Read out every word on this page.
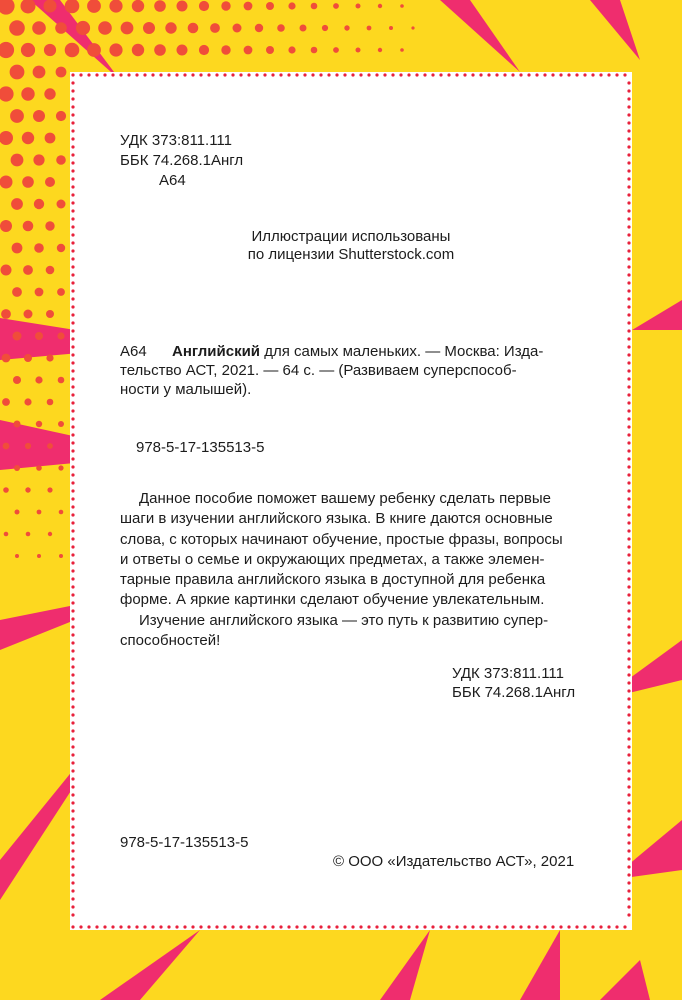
УДК 373:811.111
ББК 74.268.1Англ
А64
Иллюстрации использованы
по лицензии Shutterstock.com
А64 Английский для самых маленьких. — Москва: Изда-
тельство АСТ, 2021. — 64 с. — (Развиваем суперспособ-
ности у малышей).
978-5-17-135513-5
Данное пособие поможет вашему ребенку сделать первые
шаги в изучении английского языка. В книге даются основные
слова, с которых начинают обучение, простые фразы, вопросы
и ответы о семье и окружающих предметах, а также элемен-
тарные правила английского языка в доступной для ребенка
форме. А яркие картинки сделают обучение увлекательным.
Изучение английского языка — это путь к развитию супер-
способностей!
УДК 373:811.111
ББК 74.268.1Англ
978-5-17-135513-5
© ООО «Издательство АСТ», 2021
